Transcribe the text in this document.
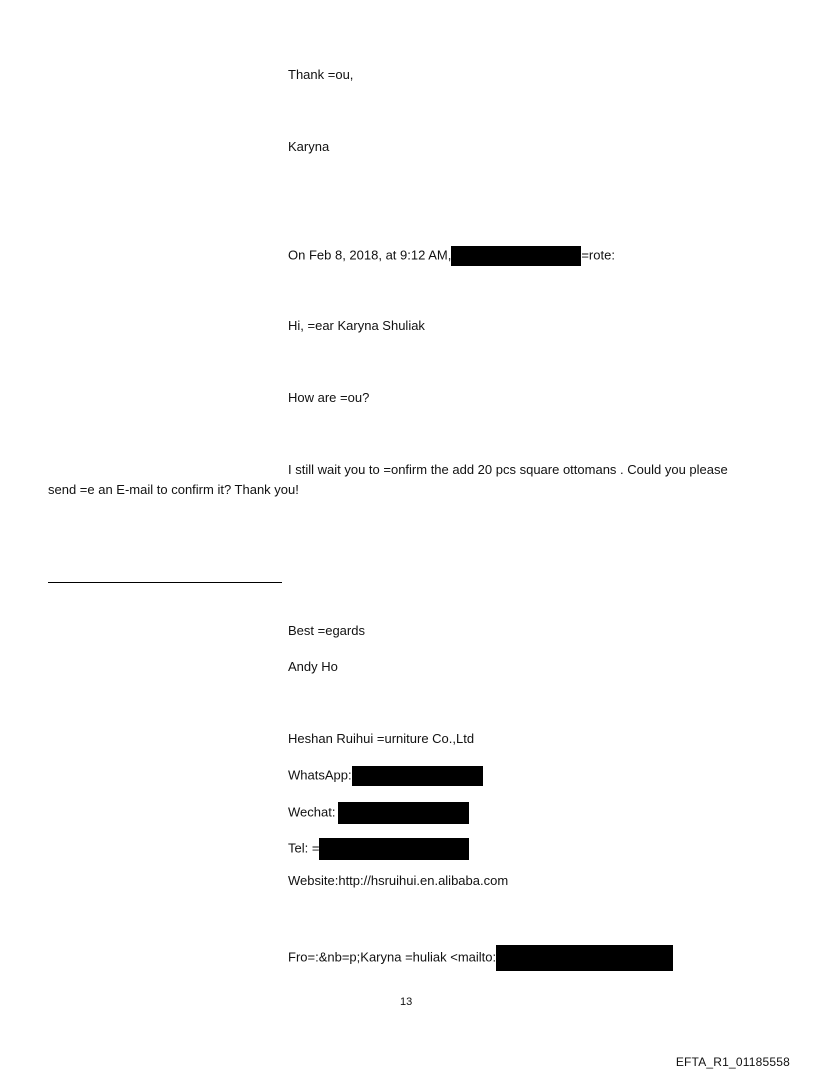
Thank =ou,
Karyna
On Feb 8, 2018, at 9:12 AM,	=rote:
Hi, =ear Karyna Shuliak
How are =ou?
I still wait you to =onfirm the add 20 pcs square ottomans . Could you please
send =e an E-mail to confirm it? Thank you!
Best =egards
Andy Ho
Heshan Ruihui =urniture Co.,Ltd
WhatsApp:
Wechat:
Tel: =
Website:http://hsruihui.en.alibaba.com
Fro=:&nb=p;Karyna =huliak <mailto:
13
EFTA_R1_01185558
